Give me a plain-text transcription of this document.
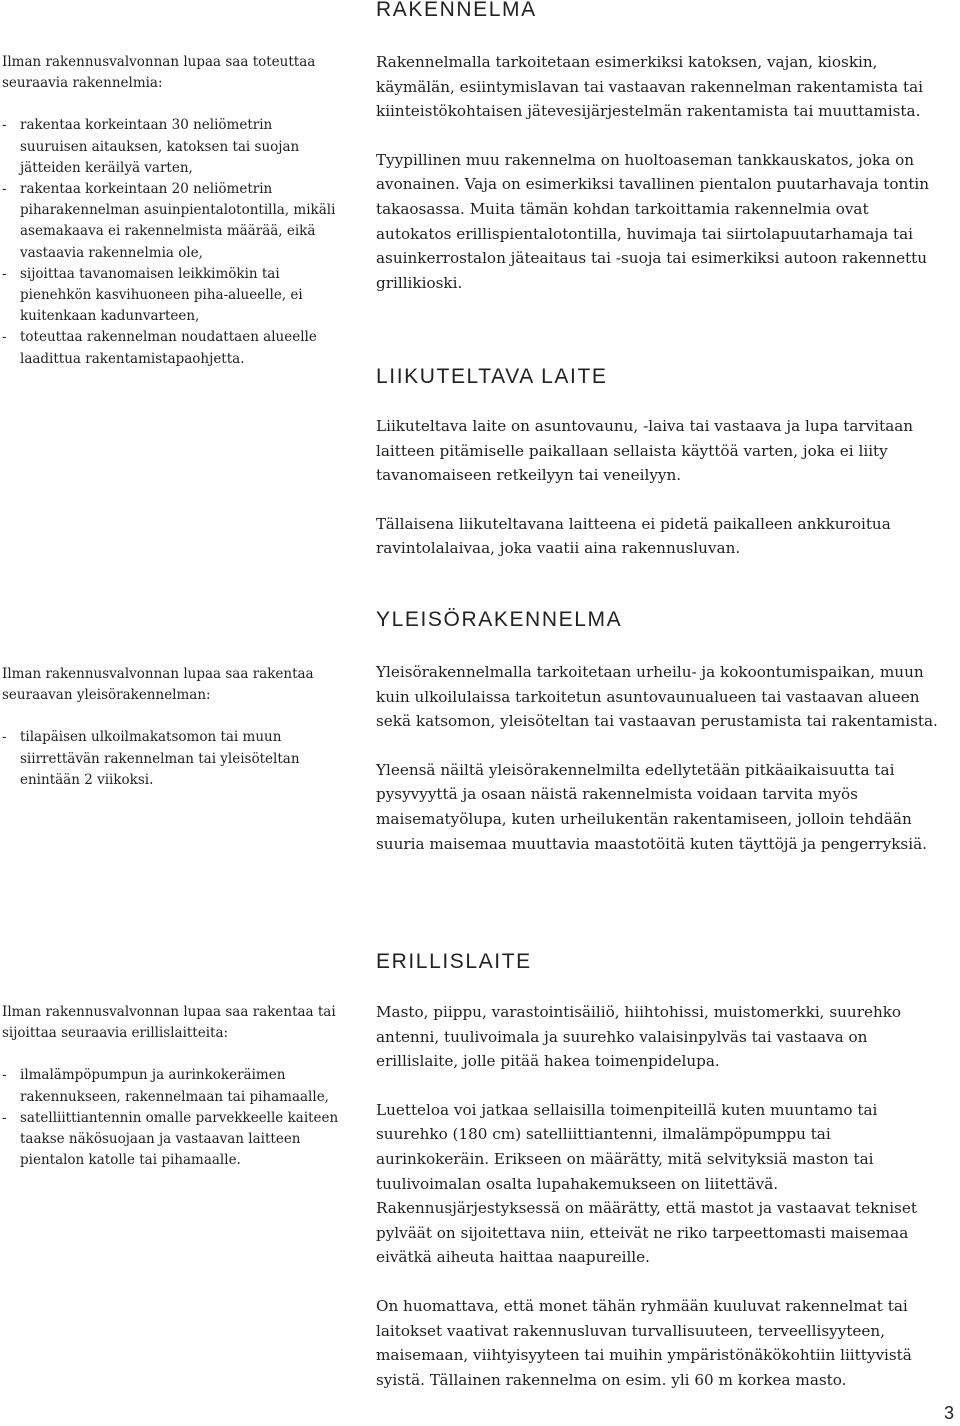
RAKENNELMA

Ilman rakennusvalvonnan lupaa saa toteuttaa seuraavia rakennelmia:

- rakentaa korkeintaan 30 neliömetrin suuruisen aitauksen, katoksen tai suojan jätteiden keräilyä varten,
- rakentaa korkeintaan 20 neliömetrin piharakennelman asuinpientalotontilla, mikäli asemakaava ei rakennelmista määrää, eikä vastaavia rakennelmia ole,
- sijoittaa tavanomaisen leikkimökin tai pienehkön kasvihuoneen piha-alueelle, ei kuitenkaan kadunvarteen,
- toteuttaa rakennelman noudattaen alueelle laadittua rakentamistapaohjetta.

Rakennelmalla tarkoitetaan esimerkiksi katoksen, vajan, kioskin, käymälän, esiintymislavan tai vastaavan rakennelman rakentamista tai kiinteistökohtaisen jätevesijärjestelmän rakentamista tai muuttamista.

Tyypillinen muu rakennelma on huoltoaseman tankkauskatos, joka on avonainen. Vaja on esimerkiksi tavallinen pientalon puutarhavaja tontin takaosassa. Muita tämän kohdan tarkoittamia rakennelmia ovat autokatos erillispientalotontilla, huvimaja tai siirtolapuutarhamaja tai asuinkerrostalon jäteaitaus tai -suoja tai esimerkiksi autoon rakennettu grillikioski.

LIIKUTELTAVA LAITE

Liikuteltava laite on asuntovaunu, -laiva tai vastaava ja lupa tarvitaan laitteen pitämiselle paikallaan sellaista käyttöä varten, joka ei liity tavanomaiseen retkeilyyn tai veneilyyn.

Tällaisena liikuteltavana laitteena ei pidetä paikalleen ankkuroitua ravintolalaivaa, joka vaatii aina rakennusluvan.

YLEISÖRAKENNELMA

Ilman rakennusvalvonnan lupaa saa rakentaa seuraavan yleisörakennelman:

- tilapäisen ulkoilmakatsomon tai muun siirrettävän rakennelman tai yleisöteltan enintään 2 viikoksi.

Yleisörakennelmalla tarkoitetaan urheilu- ja kokoontumispaikan, muun kuin ulkoilulaissa tarkoitetun asuntovaunualueen tai vastaavan alueen sekä katsomon, yleisöteltan tai vastaavan perustamista tai rakentamista.

Yleensä näiltä yleisörakennelmilta edellytetään pitkäaikaisuutta tai pysyvyyttä ja osaan näistä rakennelmista voidaan tarvita myös maisematyölupa, kuten urheilukentän rakentamiseen, jolloin tehdään suuria maisemaa muuttavia maastotöitä kuten täyttöjä ja pengerryksiä.

ERILLISLAITE

Ilman rakennusvalvonnan lupaa saa rakentaa tai sijoittaa seuraavia erillislaitteita:

- ilmalämpöpumpun ja aurinkokeräimen rakennukseen, rakennelmaan tai pihamaalle,
- satelliittiantennin omalle parvekkeelle kaiteen taakse näkösuojaan ja vastaavan laitteen pientalon katolle tai pihamaalle.

Masto, piippu, varastointisäiliö, hiihtohissi, muistomerkki, suurehko antenni, tuulivoimala ja suurehko valaisinpylväs tai vastaava on erillislaite, jolle pitää hakea toimenpidelupa.

Luetteloa voi jatkaa sellaisilla toimenpiteillä kuten muuntamo tai suurehko (180 cm) satelliittiantenni, ilmalämpöpumppu tai aurinkokeräin. Erikseen on määrätty, mitä selvityksiä maston tai tuulivoimalan osalta lupahakemukseen on liitettävä. Rakennusjärjestyksessä on määrätty, että mastot ja vastaavat tekniset pylväät on sijoitettava niin, etteivät ne riko tarpeettomasti maisemaa eivätkä aiheuta haittaa naapureille.

On huomattava, että monet tähän ryhmään kuuluvat rakennelmat tai laitokset vaativat rakennusluvan turvallisuuteen, terveellisyyteen, maisemaan, viihtyisyyteen tai muihin ympäristönäkökohtiin liittyvistä syistä. Tällainen rakennelma on esim. yli 60 m korkea masto.

3
